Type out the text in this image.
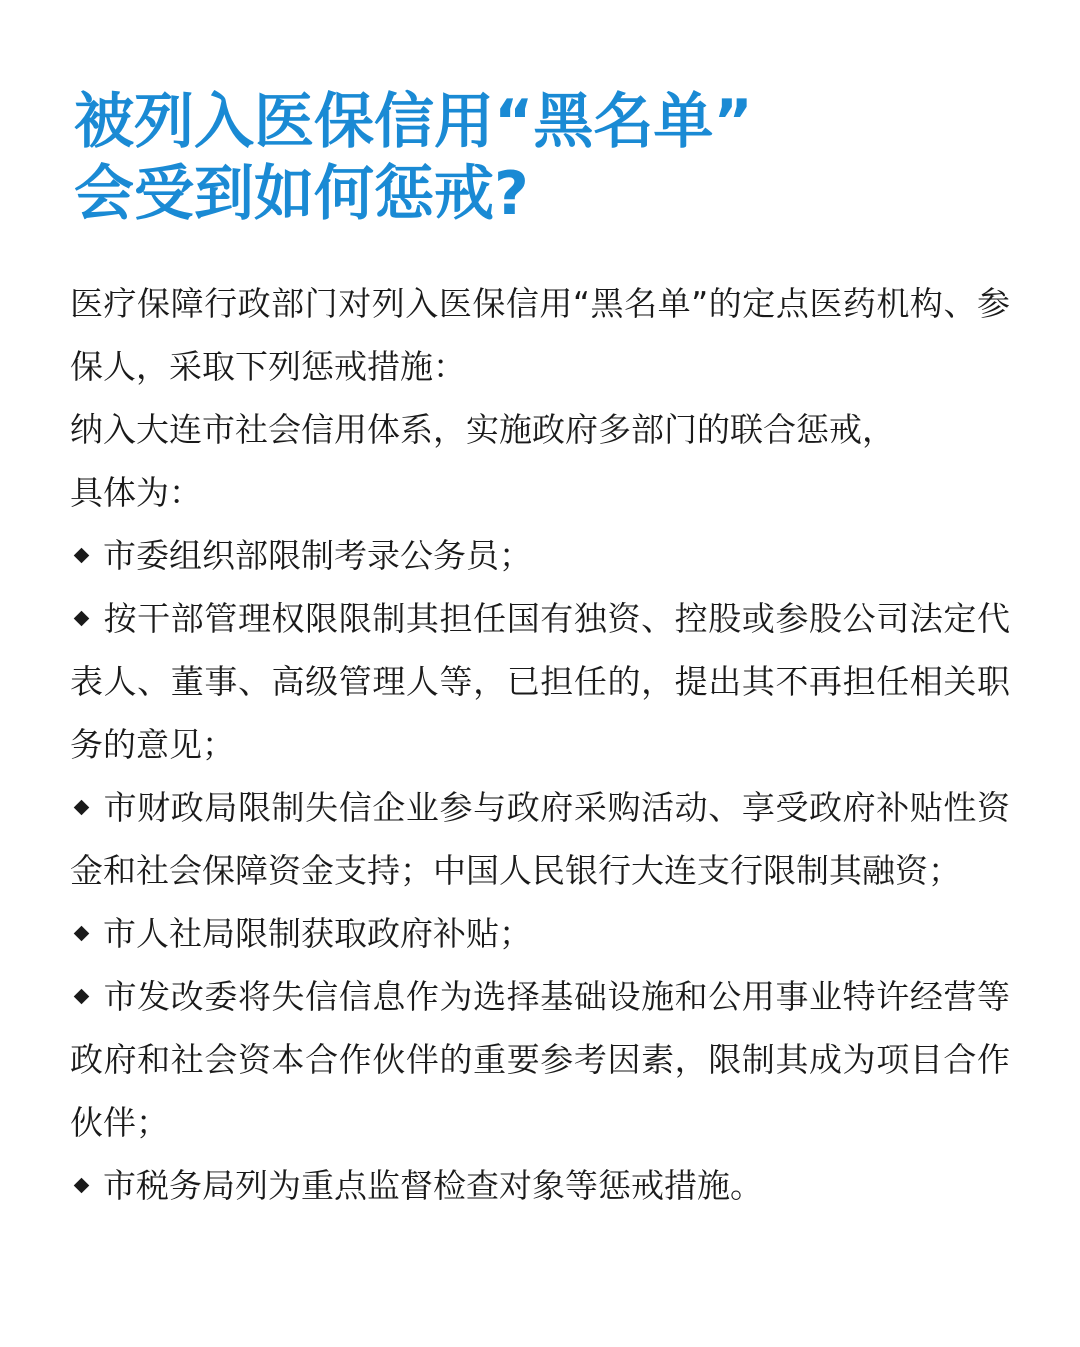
被列入医保信用“黑名单”
会受到如何惩戒?

医疗保障行政部门对列入医保信用“黑名单”的定点医药机构、参保人，采取下列惩戒措施：

纳入大连市社会信用体系，实施政府多部门的联合惩戒，

具体为：

市委组织部限制考录公务员；

按干部管理权限限制其担任国有独资、控股或参股公司法定代表人、董事、高级管理人等，已担任的，提出其不再担任相关职务的意见；

市财政局限制失信企业参与政府采购活动、享受政府补贴性资金和社会保障资金支持；中国人民银行大连支行限制其融资；

市人社局限制获取政府补贴；

市发改委将失信信息作为选择基础设施和公用事业特许经营等政府和社会资本合作伙伴的重要参考因素，限制其成为项目合作伙伴；

市税务局列为重点监督检查对象等惩戒措施。
